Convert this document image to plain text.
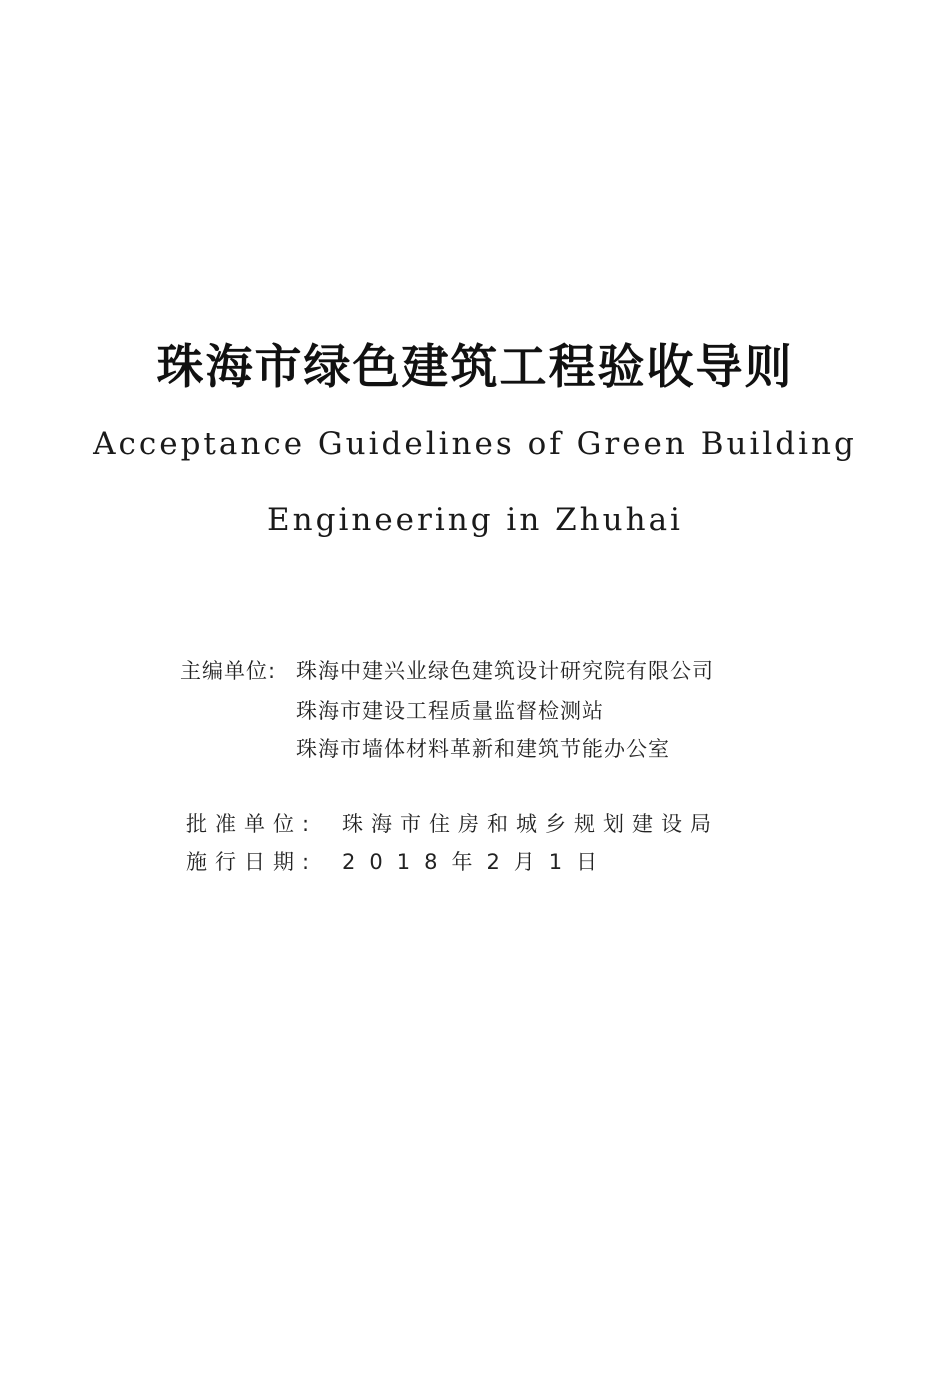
珠海市绿色建筑工程验收导则
Acceptance Guidelines of Green Building
Engineering in Zhuhai
主编单位: 珠海中建兴业绿色建筑设计研究院有限公司
珠海市建设工程质量监督检测站
珠海市墙体材料革新和建筑节能办公室
批准单位: 珠海市住房和城乡规划建设局
施行日期: 2018年2月1日
